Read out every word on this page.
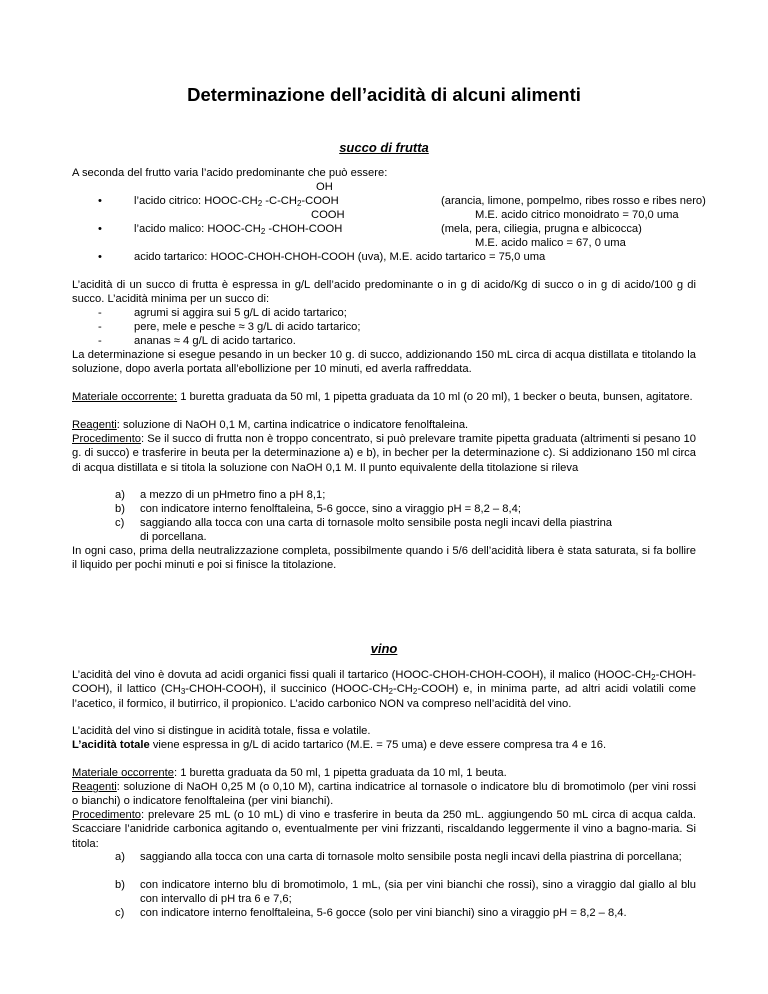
Determinazione dell’acidità di alcuni alimenti
succo di frutta
A seconda del frutto varia l’acido predominante che può essere:
OH
•	l’acido citrico: HOOC-$CH_2$ $-C-CH_2$-COOH	(arancia, limone, pompelmo, ribes rosso e ribes nero)
COOH	M.E. acido citrico monoidrato = 70,0 uma
•	l’acido malico: HOOC-$CH_2$ -CHOH-COOH	(mela, pera, ciliegia, prugna e albicocca)
M.E. acido malico = 67, 0 uma
•	acido tartarico: HOOC-CHOH-CHOH-COOH (uva), M.E. acido tartarico = 75,0 uma
L’acidità di un succo di frutta è espressa in g/L dell’acido predominante o in g di acido/Kg di succo o in g di acido/100 g di succo. L’acidità minima per un succo di:
-	agrumi si aggira sui 5 g/L di acido tartarico;
-	pere, mele e pesche ≈ 3 g/L di acido tartarico;
-	ananas ≈ 4 g/L di acido tartarico.
La determinazione si esegue pesando in un becker 10 g. di succo, addizionando 150 mL circa di acqua distillata e titolando la soluzione, dopo averla portata all’ebollizione per 10 minuti, ed averla raffreddata.
Materiale occorrente: 1 buretta graduata da 50 ml, 1 pipetta graduata da 10 ml (o 20 ml), 1 becker o beuta, bunsen, agitatore.
Reagenti: soluzione di NaOH 0,1 M, cartina indicatrice o indicatore fenolftaleina.
Procedimento: Se il succo di frutta non è troppo concentrato, si può prelevare tramite pipetta graduata (altrimenti si pesano 10 g. di succo) e trasferire in beuta per la determinazione a) e b), in becher per la determinazione c). Si addizionano 150 ml circa di acqua distillata e si titola la soluzione con NaOH 0,1 M. Il punto equivalente della titolazione si rileva
a) a mezzo di un pHmetro fino a pH 8,1;
b) con indicatore interno fenolftaleina, 5-6 gocce, sino a viraggio pH = 8,2 – 8,4;
c) saggiando alla tocca con una carta di tornasole molto sensibile posta negli incavi della piastrina
di porcellana.
In ogni caso, prima della neutralizzazione completa, possibilmente quando i 5/6 dell’acidità libera è stata saturata, si fa bollire il liquido per pochi minuti e poi si finisce la titolazione.
vino
L’acidità del vino è dovuta ad acidi organici fissi quali il tartarico (HOOC-CHOH-CHOH-COOH), il malico $(HOOC-CH_2-CHOH-COOH)$, il lattico $(CH_3-CHOH-COOH)$, il succinico $(HOOC-CH_2-CH_2-COOH)$ e, in minima parte, ad altri acidi volatili come l’acetico, il formico, il butirrico, il propionico. L’acido carbonico NON va compreso nell’acidità del vino.
L’acidità del vino si distingue in acidità totale, fissa e volatile.
L’acidità totale viene espressa in g/L di acido tartarico (M.E. = 75 uma) e deve essere compresa tra 4 e 16.
Materiale occorrente: 1 buretta graduata da 50 ml, 1 pipetta graduata da 10 ml, 1 beuta.
Reagenti: soluzione di NaOH 0,25 M (o 0,10 M), cartina indicatrice al tornasole o indicatore blu di bromotimolo (per vini rossi o bianchi) o indicatore fenolftaleina (per vini bianchi).
Procedimento: prelevare 25 mL (o 10 mL) di vino e trasferire in beuta da 250 mL. aggiungendo 50 mL circa di acqua calda. Scacciare l’anidride carbonica agitando o, eventualmente per vini frizzanti, riscaldando leggermente il vino a bagno-maria. Si titola:
a) saggiando alla tocca con una carta di tornasole molto sensibile posta negli incavi della piastrina di porcellana;
b) con indicatore interno blu di bromotimolo, 1 mL, (sia per vini bianchi che rossi), sino a viraggio dal giallo al blu con intervallo di pH tra 6 e 7,6;
c) con indicatore interno fenolftaleina, 5-6 gocce (solo per vini bianchi) sino a viraggio pH = 8,2 – 8,4.
